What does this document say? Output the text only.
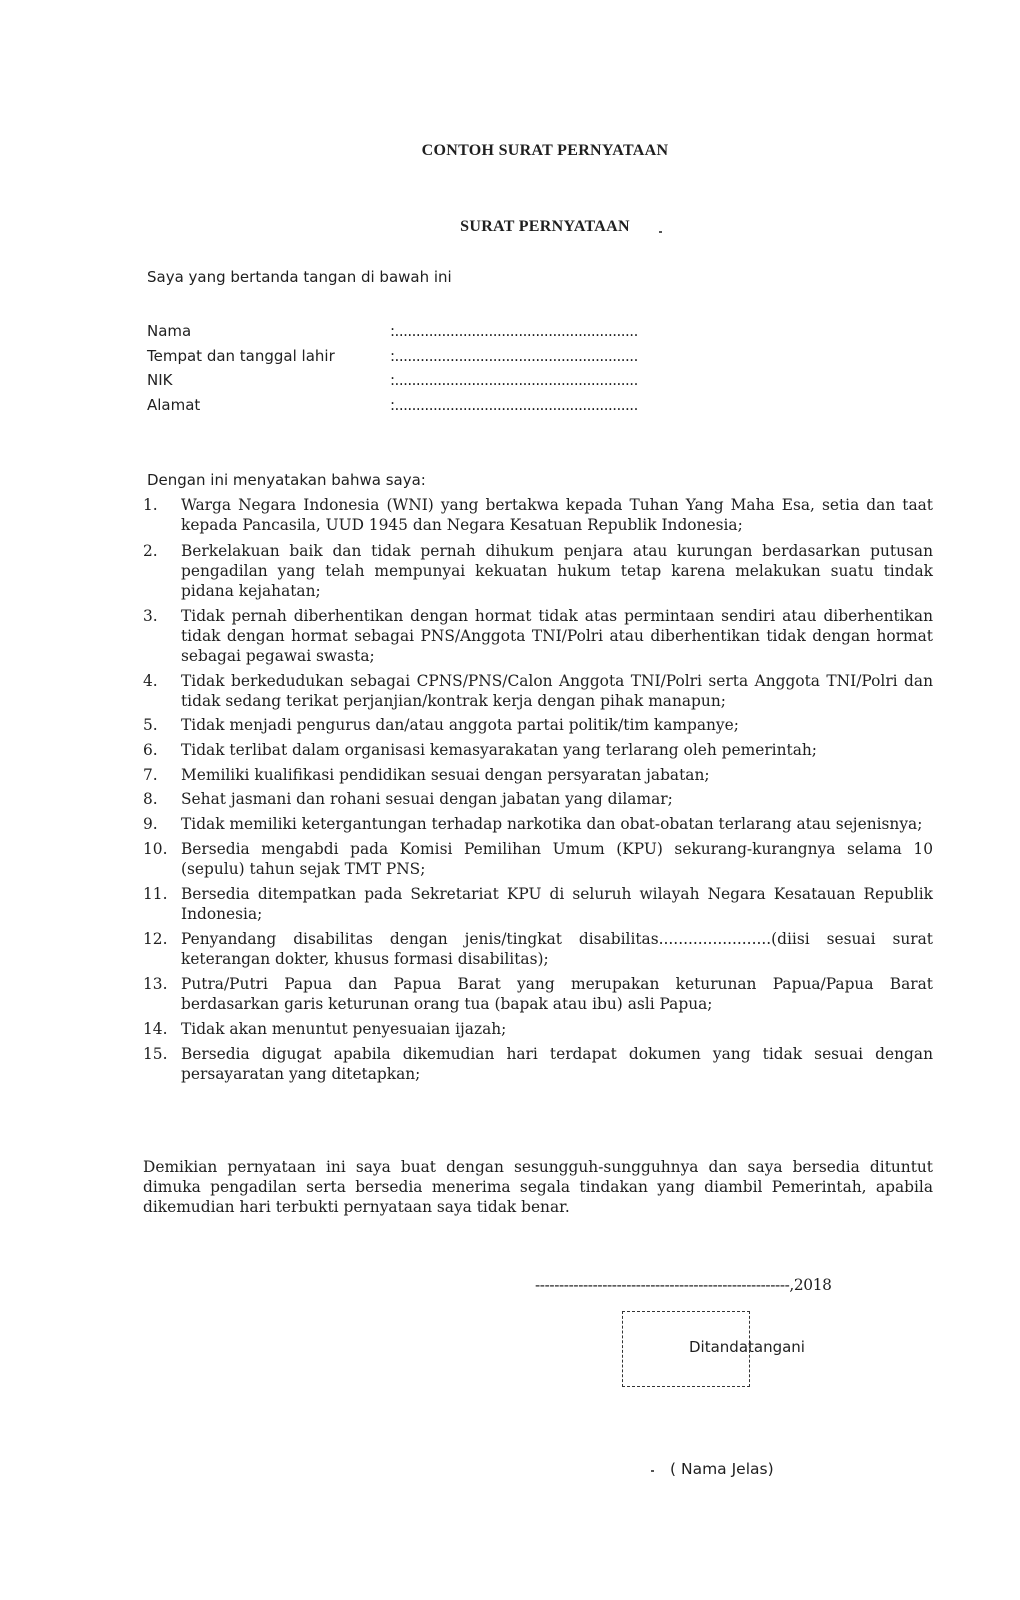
CONTOH SURAT PERNYATAAN

SURAT PERNYATAAN

Saya yang bertanda tangan di bawah ini

Nama	:.........................................................
Tempat dan tanggal lahir	:.........................................................
NIK	:.........................................................
Alamat	:.........................................................

Dengan ini menyatakan bahwa saya:

1.	Warga Negara Indonesia (WNI) yang bertakwa kepada Tuhan Yang Maha Esa, setia dan taat kepada Pancasila, UUD 1945 dan Negara Kesatuan Republik Indonesia;
2.	Berkelakuan baik dan tidak pernah dihukum penjara atau kurungan berdasarkan putusan pengadilan yang telah mempunyai kekuatan hukum tetap karena melakukan suatu tindak pidana kejahatan;
3.	Tidak pernah diberhentikan dengan hormat tidak atas permintaan sendiri atau diberhentikan tidak dengan hormat sebagai PNS/Anggota TNI/Polri atau diberhentikan tidak dengan hormat sebagai pegawai swasta;
4.	Tidak berkedudukan sebagai CPNS/PNS/Calon Anggota TNI/Polri serta Anggota TNI/Polri dan tidak sedang terikat perjanjian/kontrak kerja dengan pihak manapun;
5.	Tidak menjadi pengurus dan/atau anggota partai politik/tim kampanye;
6.	Tidak terlibat dalam organisasi kemasyarakatan yang terlarang oleh pemerintah;
7.	Memiliki kualifikasi pendidikan sesuai dengan persyaratan jabatan;
8.	Sehat jasmani dan rohani sesuai dengan jabatan yang dilamar;
9.	Tidak memiliki ketergantungan terhadap narkotika dan obat-obatan terlarang atau sejenisnya;
10. Bersedia mengabdi pada Komisi Pemilihan Umum (KPU) sekurang-kurangnya selama 10 (sepulu) tahun sejak TMT PNS;
11. Bersedia ditempatkan pada Sekretariat KPU di seluruh wilayah Negara Kesatauan Republik Indonesia;
12. Penyandang disabilitas dengan jenis/tingkat disabilitas.......................(diisi sesuai surat keterangan dokter, khusus formasi disabilitas);
13. Putra/Putri Papua dan Papua Barat yang merupakan keturunan Papua/Papua Barat berdasarkan garis keturunan orang tua (bapak atau ibu) asli Papua;
14. Tidak akan menuntut penyesuaian ijazah;
15. Bersedia digugat apabila dikemudian hari terdapat dokumen yang tidak sesuai dengan persayaratan yang ditetapkan;

Demikian pernyataan ini saya buat dengan sesungguh-sungguhnya dan saya bersedia dituntut dimuka pengadilan serta bersedia menerima segala tindakan yang diambil Pemerintah, apabila dikemudian hari terbukti pernyataan saya tidak benar.

-----------------------------------------------------,2018

Ditandatangani

( Nama Jelas)
